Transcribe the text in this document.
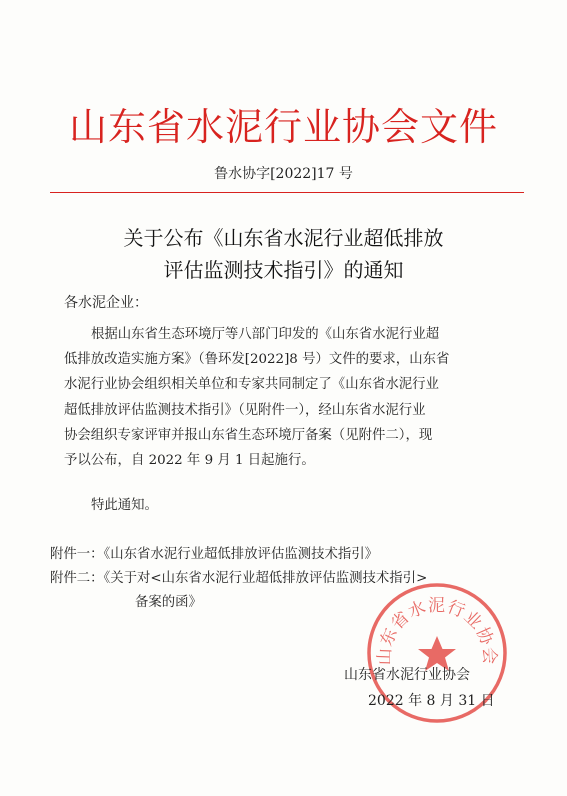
山东省水泥行业协会文件
鲁水协字[2022]17 号
关于公布《山东省水泥行业超低排放
评估监测技术指引》的通知
各水泥企业：
根据山东省生态环境厅等八部门印发的《山东省水泥行业超
低排放改造实施方案》（鲁环发[2022]8 号）文件的要求，山东省
水泥行业协会组织相关单位和专家共同制定了《山东省水泥行业
超低排放评估监测技术指引》（见附件一），经山东省水泥行业
协会组织专家评审并报山东省生态环境厅备案（见附件二），现
予以公布，自 2022 年 9 月 1 日起施行。
特此通知。
附件一：《山东省水泥行业超低排放评估监测技术指引》
附件二：《关于对<山东省水泥行业超低排放评估监测技术指引>
备案的函》
山东省水泥行业协会
山东省水泥行业协会
2022 年 8 月 31 日
